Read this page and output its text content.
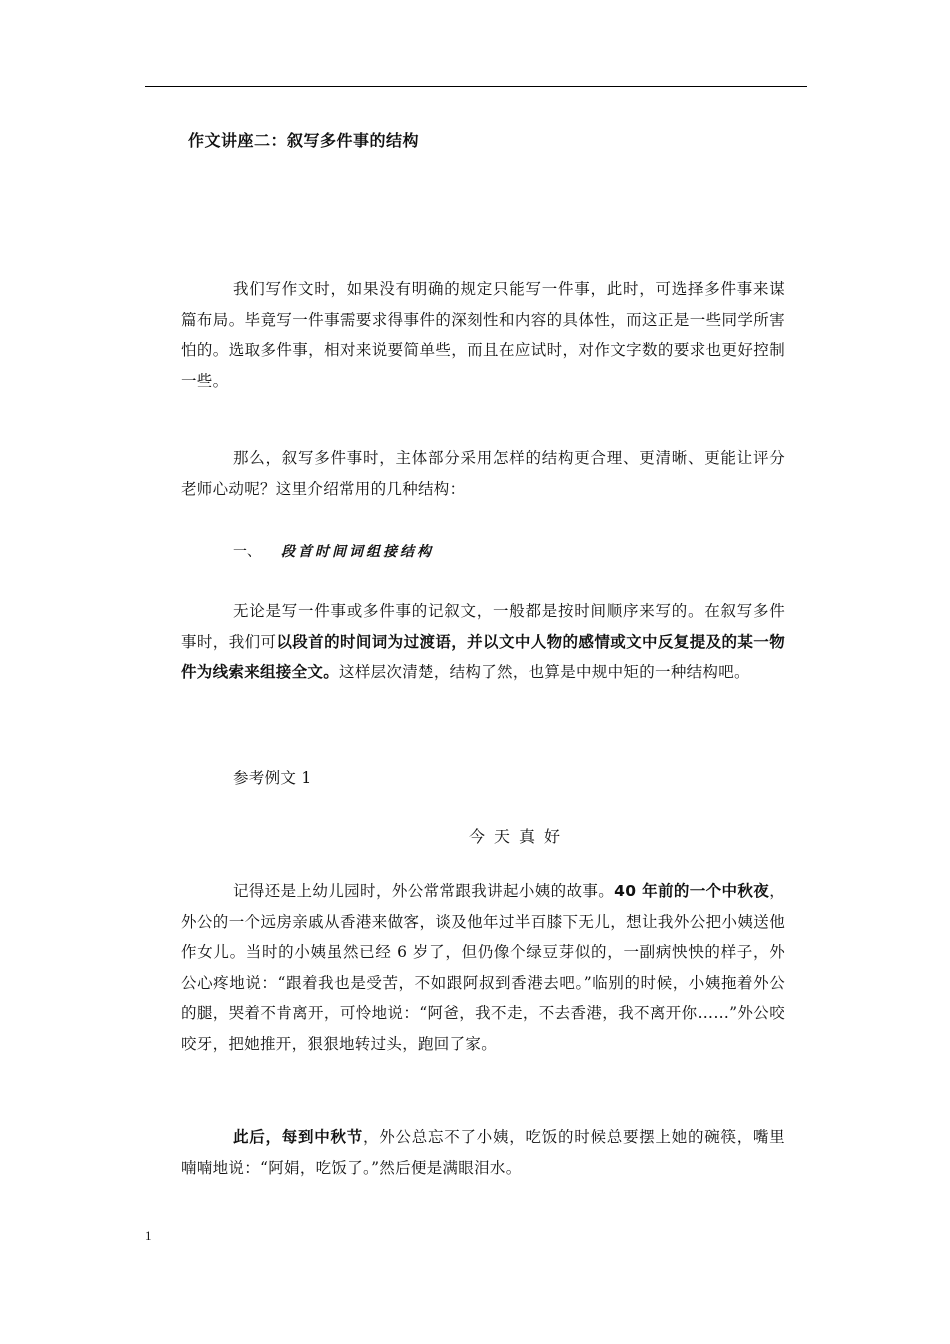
作文讲座二：叙写多件事的结构
我们写作文时，如果没有明确的规定只能写一件事，此时，可选择多件事来谋篇布局。毕竟写一件事需要求得事件的深刻性和内容的具体性，而这正是一些同学所害怕的。选取多件事，相对来说要简单些，而且在应试时，对作文字数的要求也更好控制一些。
那么，叙写多件事时，主体部分采用怎样的结构更合理、更清晰、更能让评分老师心动呢？这里介绍常用的几种结构：
一、 段首时间词组接结构
无论是写一件事或多件事的记叙文，一般都是按时间顺序来写的。在叙写多件事时，我们可以段首的时间词为过渡语，并以文中人物的感情或文中反复提及的某一物件为线索来组接全文。这样层次清楚，结构了然，也算是中规中矩的一种结构吧。
参考例文 1
今天真好
记得还是上幼儿园时，外公常常跟我讲起小姨的故事。40 年前的一个中秋夜，外公的一个远房亲戚从香港来做客，谈及他年过半百膝下无儿，想让我外公把小姨送他作女儿。当时的小姨虽然已经 6 岁了，但仍像个绿豆芽似的，一副病怏怏的样子，外公心疼地说：“跟着我也是受苦，不如跟阿叔到香港去吧。”临别的时候，小姨拖着外公的腿，哭着不肯离开，可怜地说：“阿爸，我不走，不去香港，我不离开你……”外公咬咬牙，把她推开，狠狠地转过头，跑回了家。
此后，每到中秋节，外公总忘不了小姨，吃饭的时候总要摆上她的碗筷，嘴里喃喃地说：“阿娟，吃饭了。”然后便是满眼泪水。
1
